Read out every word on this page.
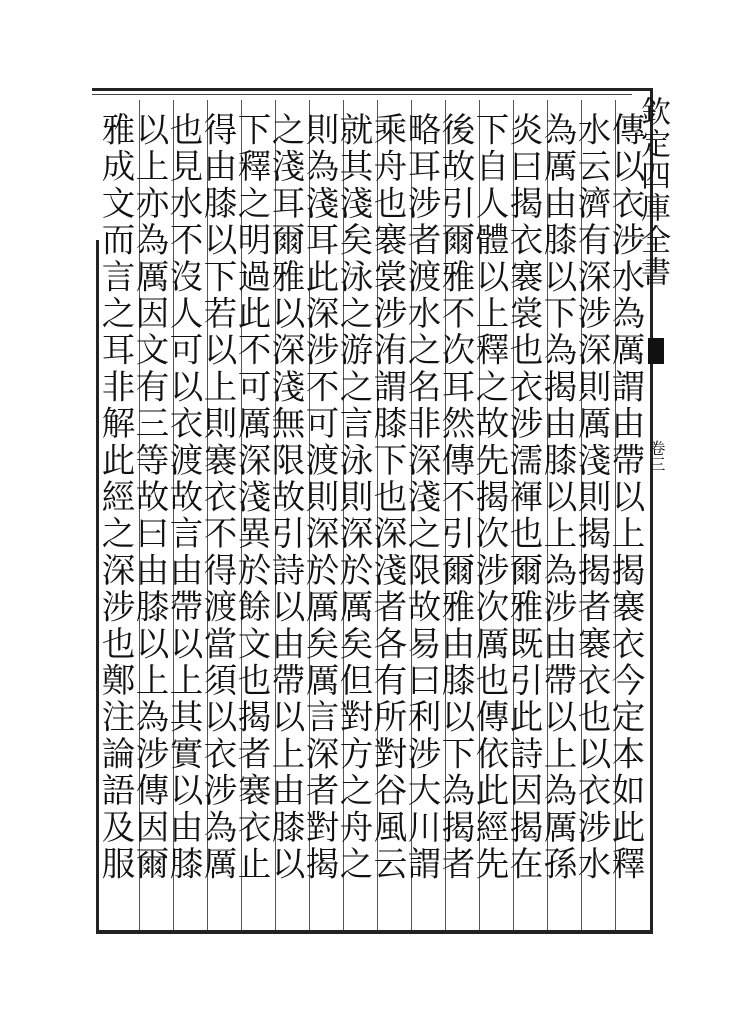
傳以衣涉水為厲謂由帶以上揭褰衣今定本如此釋
水云濟有深涉深則厲淺則揭揭者褰衣也以衣涉水
為厲由膝以下為揭由膝以上為涉由帶以上為厲孫
炎曰揭衣褰裳也衣涉濡褌也爾雅既引此詩因揭在
下自人體以上釋之故先揭次涉次厲也傳依此經先
後故引爾雅不次耳然傳不引爾雅由膝以下為揭者
略耳涉者渡水之名非深淺之限故易曰利涉大川謂
乘舟也褰裳涉洧謂膝下也深淺者各有所對谷風云
就其淺矣泳之游之言泳則深於厲矣但對方之舟之
則為淺耳此深涉不可渡則深於厲矣厲言深者對揭
之淺耳爾雅以深淺無限故引詩以由帶以上由膝以
下釋之明過此不可厲深淺異於餘文也揭者褰衣止
得由膝以下若以上則褰衣不得渡當須以衣涉為厲
也見水不沒人可以衣渡故言由帶以上其實以由膝
以上亦為厲因文有三等故曰由膝以上為涉傳因爾
雅成文而言之耳非解此經之深涉也鄭注論語及服	欽定四庫全書
卷三
